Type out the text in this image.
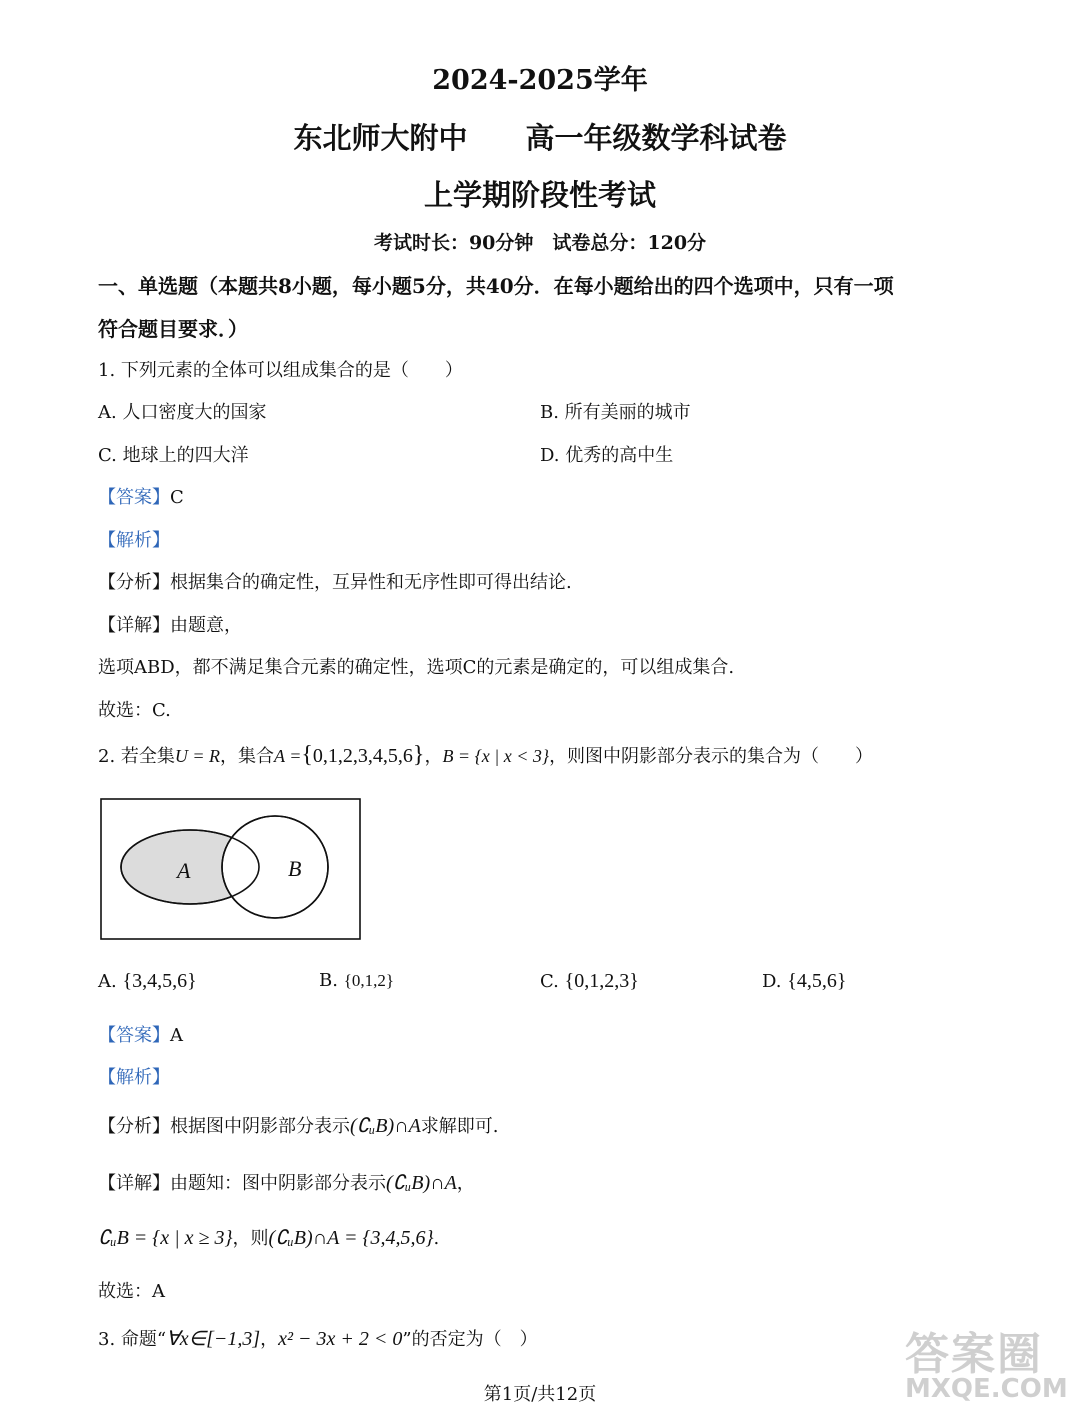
2024-2025学年
东北师大附中　　高一年级数学科试卷
上学期阶段性考试
考试时长：90分钟　试卷总分：120分
一、单选题（本题共8小题，每小题5分，共40分．在每小题给出的四个选项中，只有一项
符合题目要求．）
1. 下列元素的全体可以组成集合的是（　　）
A. 人口密度大的国家	B. 所有美丽的城市
C. 地球上的四大洋	D. 优秀的高中生
【答案】C
【解析】
【分析】根据集合的确定性，互异性和无序性即可得出结论.
【详解】由题意，
选项ABD，都不满足集合元素的确定性，选项C的元素是确定的，可以组成集合.
故选：C.
2. 若全集U = R，集合A ={0,1,2,3,4,5,6}，B = {x | x < 3}，则图中阴影部分表示的集合为（　　）
A	B
A. {3,4,5,6}	B. {0,1,2}	C. {0,1,2,3}	D. {4,5,6}
【答案】A
【解析】
【分析】根据图中阴影部分表示(∁ᵤB)∩A求解即可.
【详解】由题知：图中阴影部分表示(∁ᵤB)∩A，
∁ᵤB = {x | x ≥ 3}，则(∁ᵤB)∩A = {3,4,5,6}.
故选：A
3. 命题“∀x∈[−1,3]，x² − 3x + 2 < 0”的否定为（　）
第1页/共12页
答案圈
MXQE.COM
